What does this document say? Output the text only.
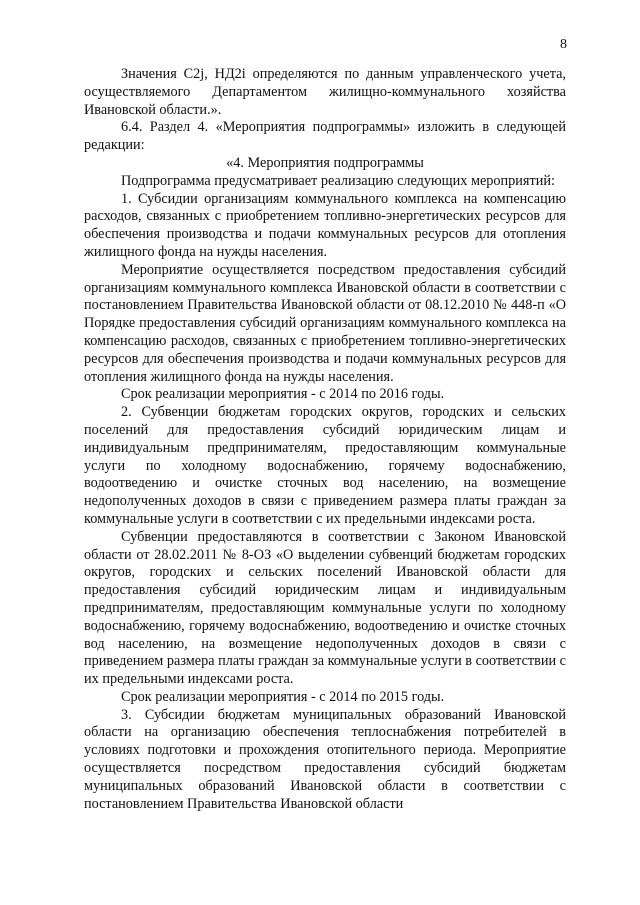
8

Значения С2j, НД2i определяются по данным управленческого учета, осуществляемого Департаментом жилищно-коммунального хозяйства Ивановской области.».

6.4. Раздел 4. «Мероприятия подпрограммы» изложить в следующей редакции:

«4. Мероприятия подпрограммы

Подпрограмма предусматривает реализацию следующих мероприятий:

1. Субсидии организациям коммунального комплекса на компенсацию расходов, связанных с приобретением топливно-энергетических ресурсов для обеспечения производства и подачи коммунальных ресурсов для отопления жилищного фонда на нужды населения.

Мероприятие осуществляется посредством предоставления субсидий организациям коммунального комплекса Ивановской области в соответствии с постановлением Правительства Ивановской области от 08.12.2010 № 448-п «О Порядке предоставления субсидий организациям коммунального комплекса на компенсацию расходов, связанных с приобретением топливно-энергетических ресурсов для обеспечения производства и подачи коммунальных ресурсов для отопления жилищного фонда на нужды населения.

Срок реализации мероприятия - с 2014 по 2016 годы.

2. Субвенции бюджетам городских округов, городских и сельских поселений для предоставления субсидий юридическим лицам и индивидуальным предпринимателям, предоставляющим коммунальные услуги по холодному водоснабжению, горячему водоснабжению, водоотведению и очистке сточных вод населению, на возмещение недополученных доходов в связи с приведением размера платы граждан за коммунальные услуги в соответствии с их предельными индексами роста.

Субвенции предоставляются в соответствии с Законом Ивановской области от 28.02.2011 № 8-ОЗ «О выделении субвенций бюджетам городских округов, городских и сельских поселений Ивановской области для предоставления субсидий юридическим лицам и индивидуальным предпринимателям, предоставляющим коммунальные услуги по холодному водоснабжению, горячему водоснабжению, водоотведению и очистке сточных вод населению, на возмещение недополученных доходов в связи с приведением размера платы граждан за коммунальные услуги в соответствии с их предельными индексами роста.

Срок реализации мероприятия - с 2014 по 2015 годы.

3. Субсидии бюджетам муниципальных образований Ивановской области на организацию обеспечения теплоснабжения потребителей в условиях подготовки и прохождения отопительного периода. Мероприятие осуществляется посредством предоставления субсидий бюджетам муниципальных образований Ивановской области в соответствии с постановлением Правительства Ивановской области
